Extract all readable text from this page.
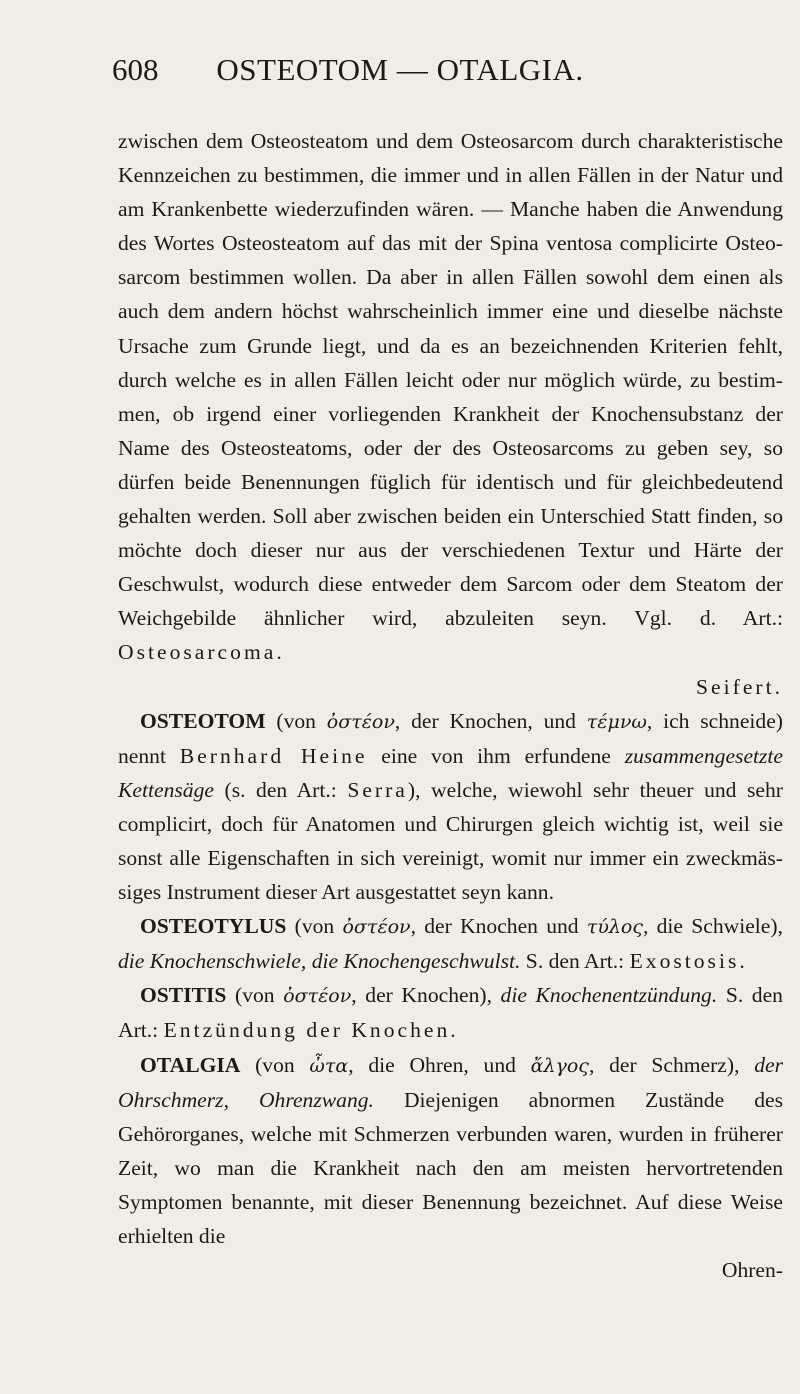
608	OSTEOTOM — OTALGIA.

zwischen dem Osteosteatom und dem Osteosarcom durch charakteristische Kennzeichen zu bestimmen, die immer und in allen Fällen in der Natur und am Krankenbette wiederzufinden wären. — Manche haben die Anwendung des Wortes Osteosteatom auf das mit der Spina ventosa complicirte Osteosarcom bestimmen wollen. Da aber in allen Fällen sowohl dem einen als auch dem andern höchst wahrscheinlich immer eine und dieselbe nächste Ursache zum Grunde liegt, und da es an bezeichnenden Kriterien fehlt, durch welche es in allen Fällen leicht oder nur möglich würde, zu bestimmen, ob irgend einer vorliegenden Krankheit der Knochensubstanz der Name des Osteosteatoms, oder der des Osteosarcoms zu geben sey, so dürfen beide Benennungen füglich für identisch und für gleichbedeutend gehalten werden. Soll aber zwischen beiden ein Unterschied Statt finden, so möchte doch dieser nur aus der verschiedenen Textur und Härte der Geschwulst, wodurch diese entweder dem Sarcom oder dem Steatom der Weichgebilde ähnlicher wird, abzuleiten seyn. Vgl. d. Art.: Osteosarcoma.

Seifert.

OSTEOTOM (von ὀστέον, der Knochen, und τέμνω, ich schneide) nennt Bernhard Heine eine von ihm erfundene zusammengesetzte Kettensäge (s. den Art.: Serra), welche, wiewohl sehr theuer und sehr complicirt, doch für Anatomen und Chirurgen gleich wichtig ist, weil sie sonst alle Eigenschaften in sich vereinigt, womit nur immer ein zweckmässiges Instrument dieser Art ausgestattet seyn kann.

OSTEOTYLUS (von ὀστέον, der Knochen und τύλος, die Schwiele), die Knochenschwiele, die Knochengeschwulst. S. den Art.: Exostosis.

OSTITIS (von ὀστέον, der Knochen), die Knochenentzündung. S. den Art.: Entzündung der Knochen.

OTALGIA (von ὦτα, die Ohren, und ἄλγος, der Schmerz), der Ohrschmerz, Ohrenzwang. Diejenigen abnormen Zustände des Gehörorganes, welche mit Schmerzen verbunden waren, wurden in früherer Zeit, wo man die Krankheit nach den am meisten hervortretenden Symptomen benannte, mit dieser Benennung bezeichnet. Auf diese Weise erhielten die

Ohren-
